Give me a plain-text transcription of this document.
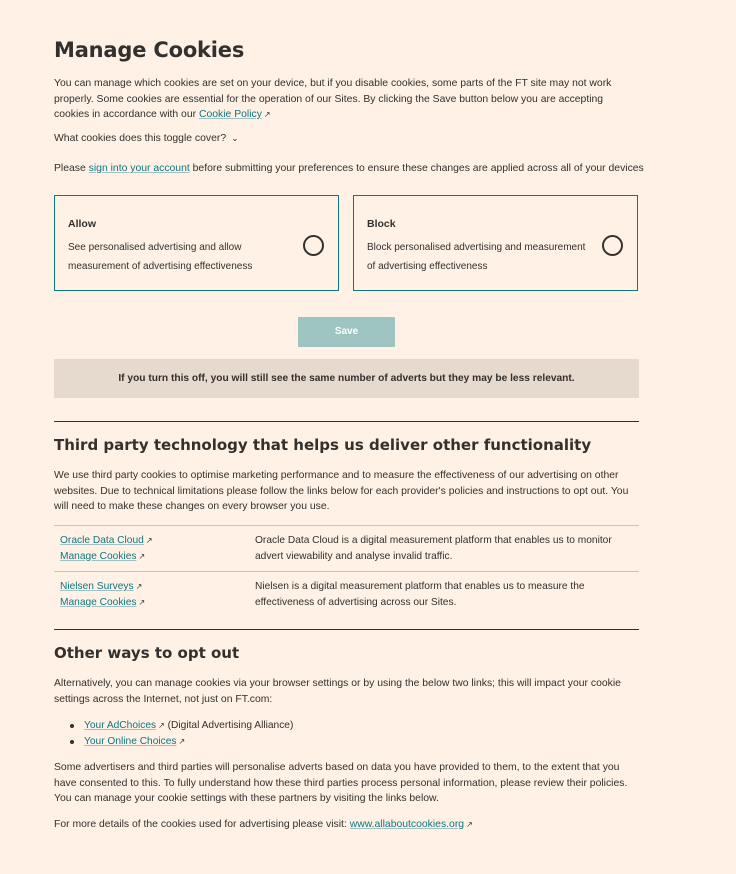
Manage Cookies

You can manage which cookies are set on your device, but if you disable cookies, some parts of the FT site may not work properly. Some cookies are essential for the operation of our Sites. By clicking the Save button below you are accepting cookies in accordance with our Cookie Policy ↗

What cookies does this toggle cover? ⌄

Please sign into your account before submitting your preferences to ensure these changes are applied across all of your devices

Allow
See personalised advertising and allow measurement of advertising effectiveness
Block
Block personalised advertising and measurement of advertising effectiveness
Save
If you turn this off, you will still see the same number of adverts but they may be less relevant.
Third party technology that helps us deliver other functionality

We use third party cookies to optimise marketing performance and to measure the effectiveness of our advertising on other websites. Due to technical limitations please follow the links below for each provider's policies and instructions to opt out. You will need to make these changes on every browser you use.

Oracle Data Cloud ↗
Manage Cookies ↗
Oracle Data Cloud is a digital measurement platform that enables us to monitor advert viewability and analyse invalid traffic.
Nielsen Surveys ↗
Manage Cookies ↗
Nielsen is a digital measurement platform that enables us to measure the effectiveness of advertising across our Sites.
Other ways to opt out

Alternatively, you can manage cookies via your browser settings or by using the below two links; this will impact your cookie settings across the Internet, not just on FT.com:

Your AdChoices ↗ (Digital Advertising Alliance)
Your Online Choices ↗

Some advertisers and third parties will personalise adverts based on data you have provided to them, to the extent that you have consented to this. To fully understand how these third parties process personal information, please review their policies. You can manage your cookie settings with these partners by visiting the links below.

For more details of the cookies used for advertising please visit: www.allaboutcookies.org ↗
